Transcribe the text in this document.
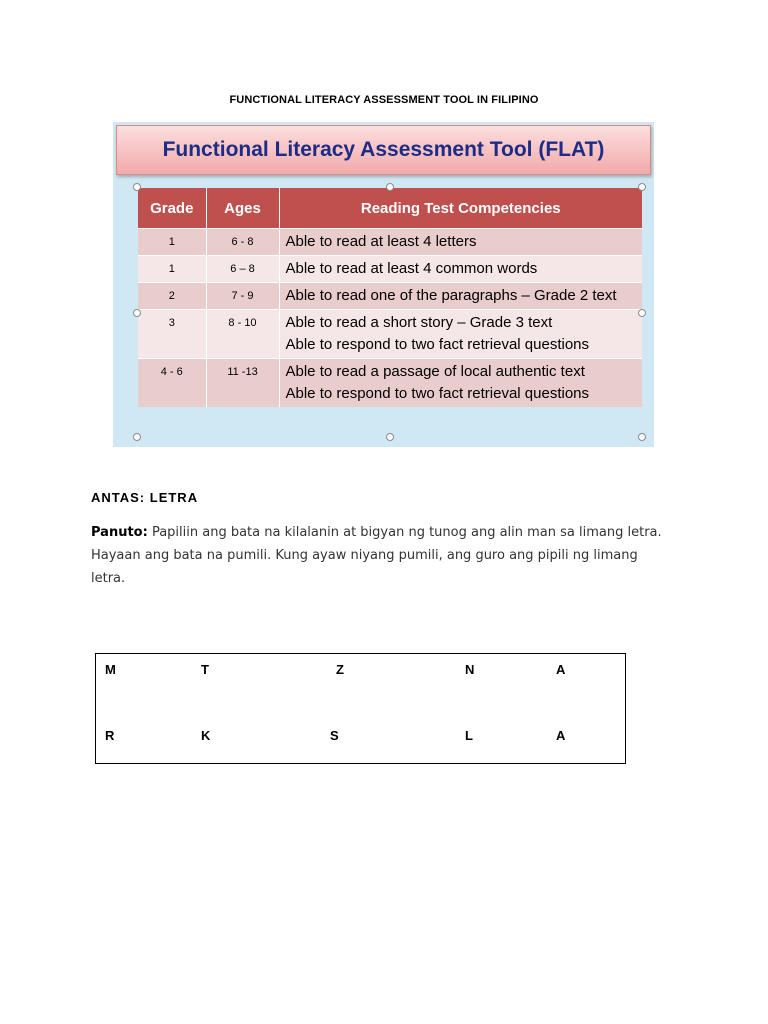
FUNCTIONAL LITERACY ASSESSMENT TOOL IN FILIPINO
Functional Literacy Assessment Tool (FLAT)
Grade	Ages	Reading Test Competencies
1	6 - 8	Able to read at least 4 letters

1	6 – 8	Able to read at least 4 common words

2	7 - 9	Able to read one of the paragraphs – Grade 2 text

3	8 - 10	Able to read a short story – Grade 3 text
Able to respond to two fact retrieval questions

4 - 6	11 -13	Able to read a passage of local authentic text
Able to respond to two fact retrieval questions
ANTAS: LETRA
Panuto: Papiliin ang bata na kilalanin at bigyan ng tunog ang alin man sa limang letra. Hayaan ang bata na pumili. Kung ayaw niyang pumili, ang guro ang pipili ng limang letra.
M	T	Z	N	A
R	K	S	L	A
